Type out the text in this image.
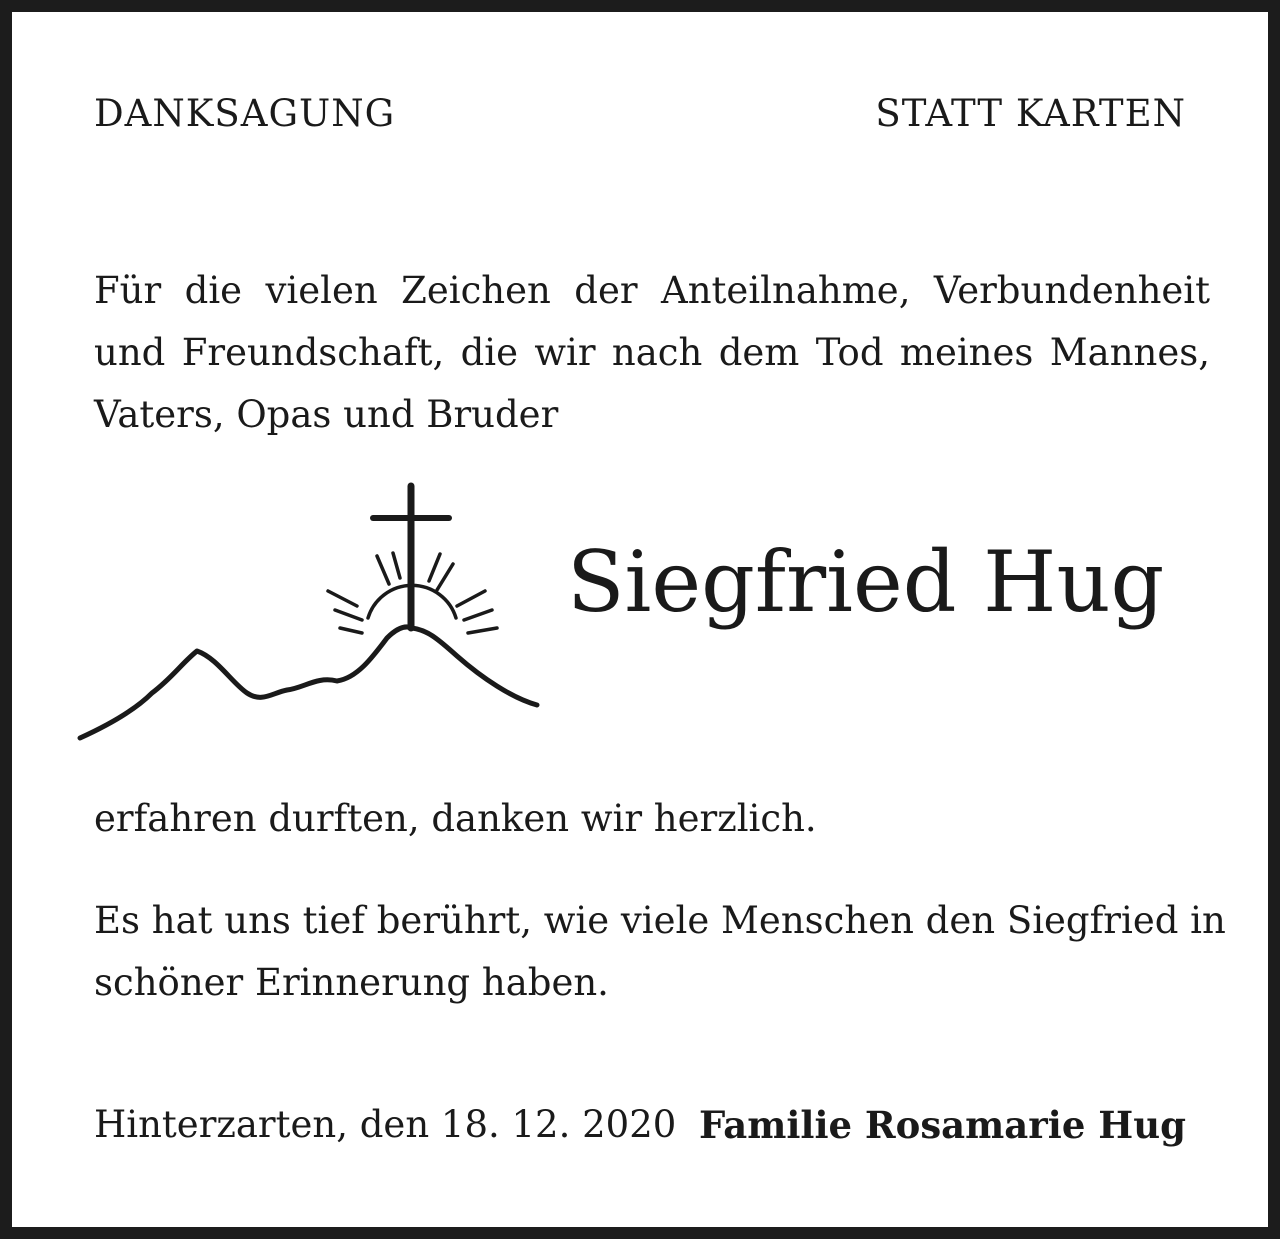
DANKSAGUNG	STATT KARTEN
Für die vielen Zeichen der Anteilnahme, Verbundenheit
und Freundschaft, die wir nach dem Tod meines Mannes,
Vaters, Opas und Bruder
Siegfried Hug
erfahren durften, danken wir herzlich.
Es hat uns tief berührt, wie viele Menschen den Siegfried in
schöner Erinnerung haben.
Hinterzarten, den 18. 12. 2020 Familie Rosamarie Hug
